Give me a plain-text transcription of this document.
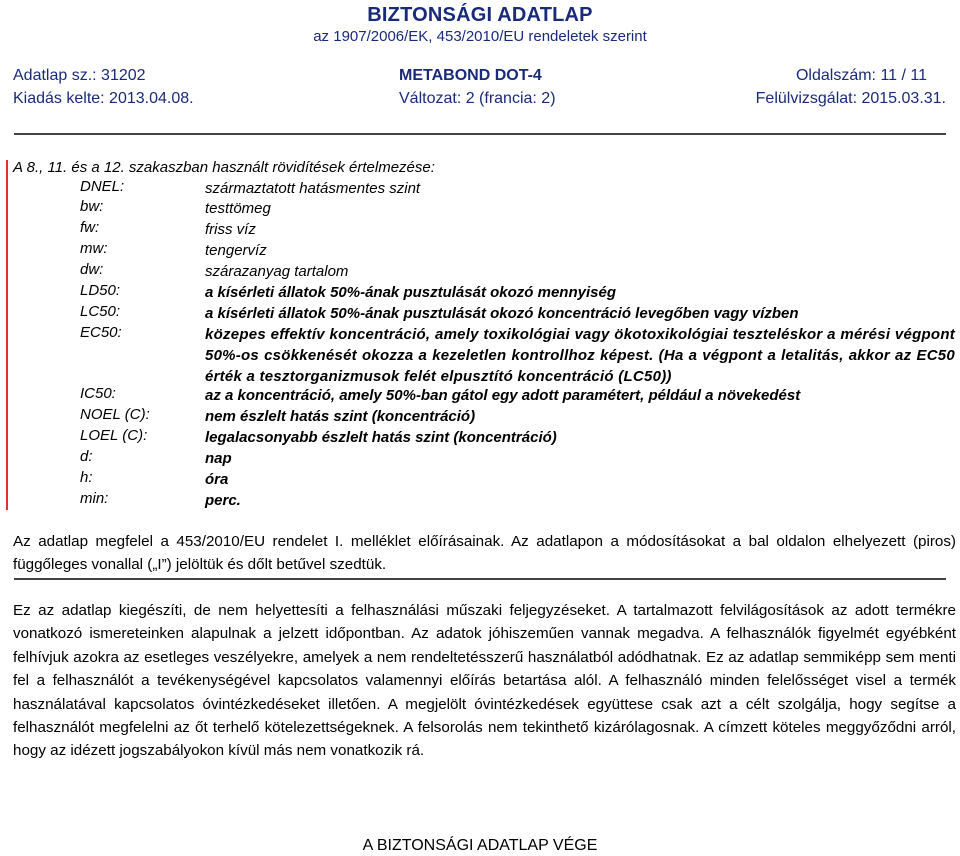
BIZTONSÁGI ADATLAP
az 1907/2006/EK, 453/2010/EU rendeletek szerint
Adatlap sz.: 31202	METABOND DOT-4	Oldalszám: 11 / 11
Kiadás kelte: 2013.04.08.	Változat: 2 (francia: 2)	Felülvizsgálat: 2015.03.31.
A 8., 11. és a 12. szakaszban használt rövidítések értelmezése:
DNEL:	származtatott hatásmentes szint
bw:	testtömeg
fw:	friss víz
mw:	tengervíz
dw:	szárazanyag tartalom
LD50:	a kísérleti állatok 50%-ának pusztulását okozó mennyiség
LC50:	a kísérleti állatok 50%-ának pusztulását okozó koncentráció levegőben vagy vízben
EC50:	közepes effektív koncentráció, amely toxikológiai vagy ökotoxikológiai teszteléskor a mérési végpont 50%-os csökkenését okozza a kezeletlen kontrollhoz képest. (Ha a végpont a letalitás, akkor az EC50 érték a tesztorganizmusok felét elpusztító koncentráció (LC50))
IC50:	az a koncentráció, amely 50%-ban gátol egy adott paramétert, például a növekedést
NOEL (C):	nem észlelt hatás szint (koncentráció)
LOEL (C):	legalacsonyabb észlelt hatás szint (koncentráció)
d:	nap
h:	óra
min:	perc.
Az adatlap megfelel a 453/2010/EU rendelet I. melléklet előírásainak. Az adatlapon a módosításokat a bal oldalon elhelyezett (piros) függőleges vonallal („I”) jelöltük és dőlt betűvel szedtük.
Ez az adatlap kiegészíti, de nem helyettesíti a felhasználási műszaki feljegyzéseket. A tartalmazott felvilágosítások az adott termékre vonatkozó ismereteinken alapulnak a jelzett időpontban. Az adatok jóhiszeműen vannak megadva. A felhasználók figyelmét egyébként felhívjuk azokra az esetleges veszélyekre, amelyek a nem rendeltetésszerű használatból adódhatnak. Ez az adatlap semmiképp sem menti fel a felhasználót a tevékenységével kapcsolatos valamennyi előírás betartása alól. A felhasználó minden felelősséget visel a termék használatával kapcsolatos óvintézkedéseket illetően. A megjelölt óvintézkedések együttese csak azt a célt szolgálja, hogy segítse a felhasználót megfelelni az őt terhelő kötelezettségeknek. A felsorolás nem tekinthető kizárólagosnak. A címzett köteles meggyőződni arról, hogy az idézett jogszabályokon kívül más nem vonatkozik rá.
A BIZTONSÁGI ADATLAP VÉGE
